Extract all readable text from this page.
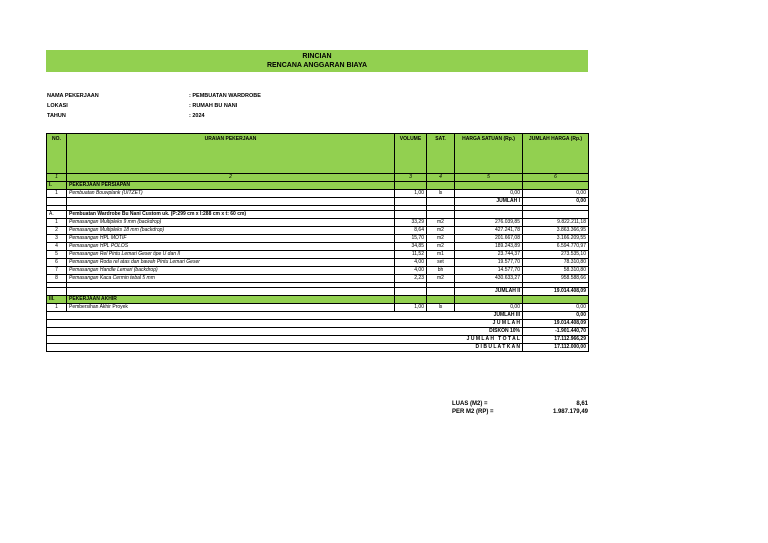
RINCIAN
RENCANA ANGGARAN BIAYA
NAMA PEKERJAAN	: PEMBUATAN WARDROBE
LOKASI	: RUMAH BU NANI
TAHUN	: 2024
NO.	URAIAN PEKERJAAN	VOLUME	SAT.	HARGA SATUAN (Rp.)	JUMLAH HARGA (Rp.)
1	2	3	4	5	6
I.	PEKERJAAN PERSIAPAN				
1	Pembuatan Bouwplank (UITZET)	1,00	ls	0,00	0,00
				JUMLAH I	0,00

A.	Pembuatan Wardrobe Bu Nani Custom uk. (P:299 cm x l:288 cm x t: 60 cm)				
1	Pemasangan Multipleks 9 mm (backdrop)	33,29	m2	276.039,85	9.822.211,18
2	Pemasangan Multipleks 18 mm (backdrop)	8,64	m2	427.241,78	3.863.366,95
3	Pemasangan HPL MOTIF	15,70	m2	201.667,08	3.166.209,55
4	Pemasangan HPL POLOS	34,85	m2	189.243,89	6.594.770,97
5	Pemasangan Rel Pintu Lemari Geser tipe U dan II	11,52	m1	23.744,37	273.535,10
6	Pemasangan Roda rel atas dan bawah Pintu Lemari Geser	4,00	set	19.577,70	78.310,80
7	Pemasangan Handle Lemari (backdrop)	4,00	bh	14.577,70	58.310,80
8	Pemasangan Kaca Cermin tebal 5 mm	2,23	m2	430.633,27	958.588,66

				JUMLAH II	19.014.408,09
III.	PEKERJAAN AKHIR				
1	Pembersihan Akhir Proyek	1,00	ls	0,00	0,00
JUMLAH III					0,00
J U M L A H					19.014.408,09
DISKON 10%					-1.901.440,70
J U M L A H   T O T A L					17.112.966,29
D I B U L A T K A N					17.112.000,00
LUAS (M2) =	8,61
PER M2 (RP) =	1.987.179,49
